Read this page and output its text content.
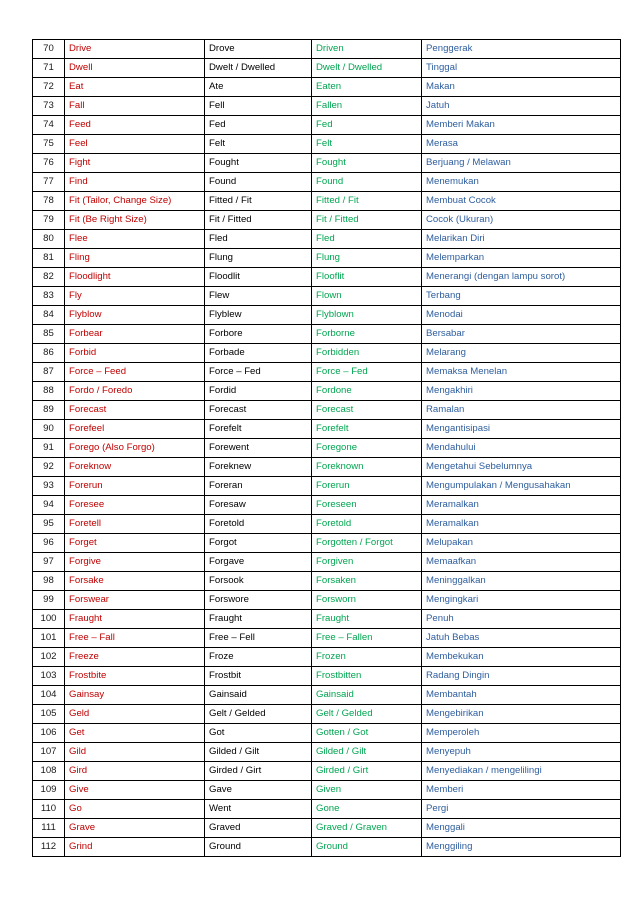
70	Drive	Drove	Driven	Penggerak
71	Dwell	Dwelt / Dwelled	Dwelt / Dwelled	Tinggal
72	Eat	Ate	Eaten	Makan
73	Fall	Fell	Fallen	Jatuh
74	Feed	Fed	Fed	Memberi Makan
75	Feel	Felt	Felt	Merasa
76	Fight	Fought	Fought	Berjuang / Melawan
77	Find	Found	Found	Menemukan
78	Fit (Tailor, Change Size)	Fitted / Fit	Fitted / Fit	Membuat Cocok
79	Fit (Be Right Size)	Fit / Fitted	Fit / Fitted	Cocok (Ukuran)
80	Flee	Fled	Fled	Melarikan Diri
81	Fling	Flung	Flung	Melemparkan
82	Floodlight	Floodlit	Flooflit	Menerangi (dengan lampu sorot)
83	Fly	Flew	Flown	Terbang
84	Flyblow	Flyblew	Flyblown	Menodai
85	Forbear	Forbore	Forborne	Bersabar
86	Forbid	Forbade	Forbidden	Melarang
87	Force – Feed	Force – Fed	Force – Fed	Memaksa Menelan
88	Fordo / Foredo	Fordid	Fordone	Mengakhiri
89	Forecast	Forecast	Forecast	Ramalan
90	Forefeel	Forefelt	Forefelt	Mengantisipasi
91	Forego (Also Forgo)	Forewent	Foregone	Mendahului
92	Foreknow	Foreknew	Foreknown	Mengetahui Sebelumnya
93	Forerun	Foreran	Forerun	Mengumpulakan / Mengusahakan
94	Foresee	Foresaw	Foreseen	Meramalkan
95	Foretell	Foretold	Foretold	Meramalkan
96	Forget	Forgot	Forgotten / Forgot	Melupakan
97	Forgive	Forgave	Forgiven	Memaafkan
98	Forsake	Forsook	Forsaken	Meninggalkan
99	Forswear	Forswore	Forsworn	Mengingkari
100	Fraught	Fraught	Fraught	Penuh
101	Free – Fall	Free – Fell	Free – Fallen	Jatuh Bebas
102	Freeze	Froze	Frozen	Membekukan
103	Frostbite	Frostbit	Frostbitten	Radang Dingin
104	Gainsay	Gainsaid	Gainsaid	Membantah
105	Geld	Gelt / Gelded	Gelt / Gelded	Mengebirikan
106	Get	Got	Gotten / Got	Memperoleh
107	Gild	Gilded / Gilt	Gilded / Gilt	Menyepuh
108	Gird	Girded / Girt	Girded / Girt	Menyediakan / mengelilingi
109	Give	Gave	Given	Memberi
110	Go	Went	Gone	Pergi
111	Grave	Graved	Graved / Graven	Menggali
112	Grind	Ground	Ground	Menggiling
